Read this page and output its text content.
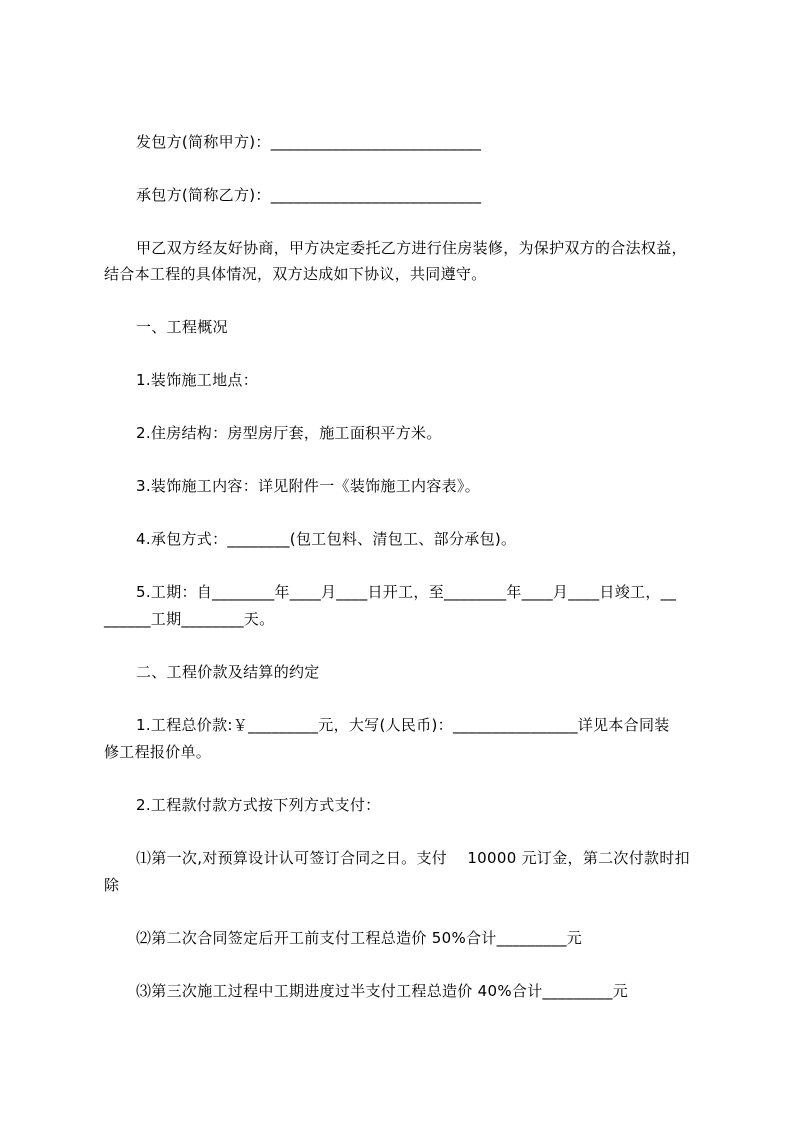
发包方(简称甲方)：___________________________
承包方(简称乙方)：___________________________
甲乙双方经友好协商，甲方决定委托乙方进行住房装修，为保护双方的合法权益，
结合本工程的具体情况，双方达成如下协议，共同遵守。
一、工程概况
1.装饰施工地点：
2.住房结构：房型房厅套，施工面积平方米。
3.装饰施工内容：详见附件一《装饰施工内容表》。
4.承包方式：________(包工包料、清包工、部分承包)。
5.工期：自________年____月____日开工，至________年____月____日竣工，__
______工期________天。
二、工程价款及结算的约定
1.工程总价款:￥_________元，大写(人民币)：________________详见本合同装
修工程报价单。
2.工程款付款方式按下列方式支付：
⑴第一次,对预算设计认可签订合同之日。支付    10000 元订金，第二次付款时扣
除
⑵第二次合同签定后开工前支付工程总造价 50%合计_________元
⑶第三次施工过程中工期进度过半支付工程总造价 40%合计_________元
